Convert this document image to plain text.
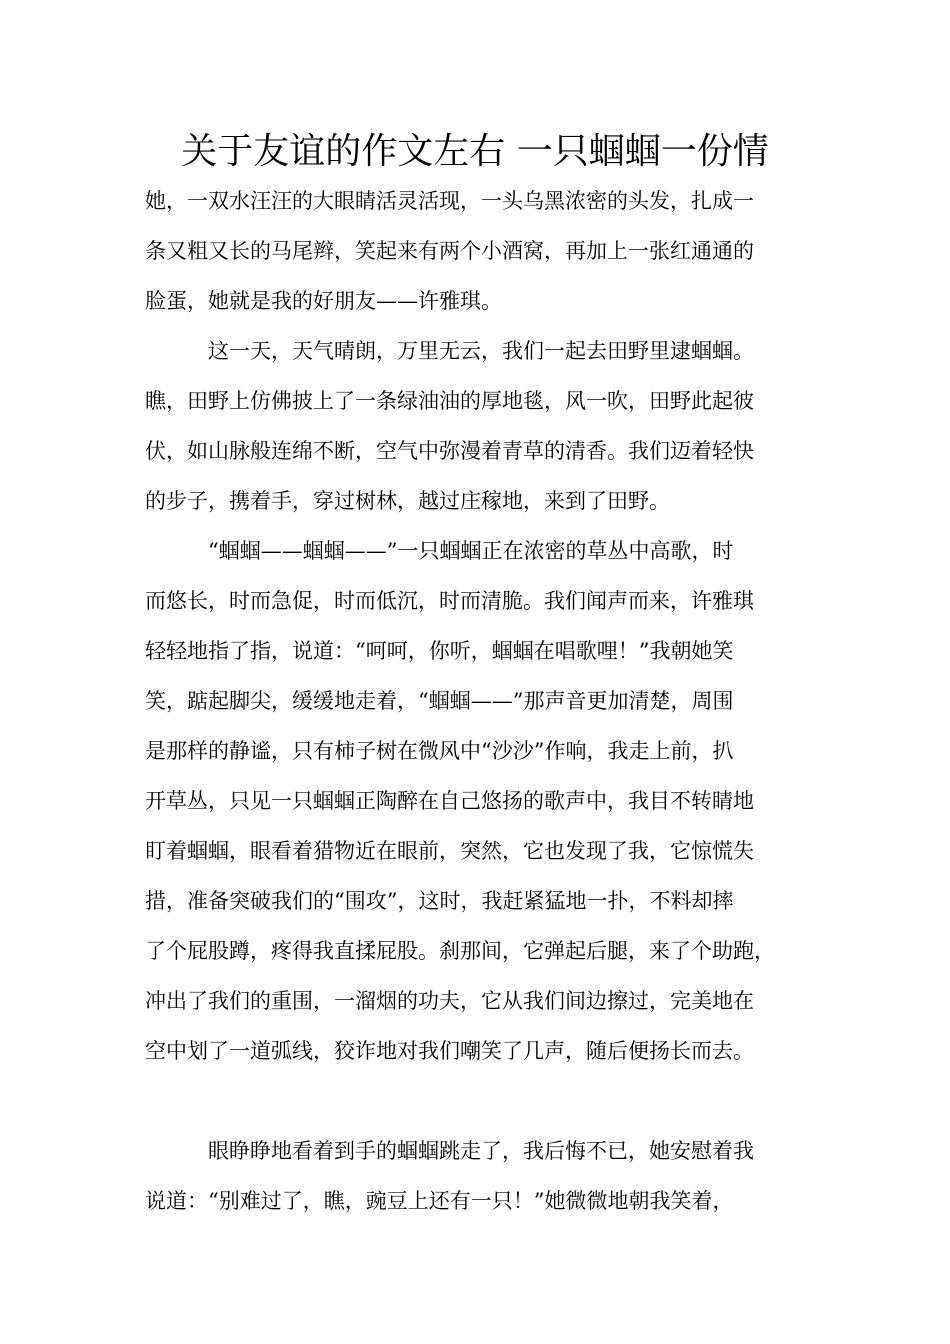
关于友谊的作文左右 一只蝈蝈一份情
她，一双水汪汪的大眼睛活灵活现，一头乌黑浓密的头发，扎成一
条又粗又长的马尾辫，笑起来有两个小酒窝，再加上一张红通通的
脸蛋，她就是我的好朋友——许雅琪。
　　　这一天，天气晴朗，万里无云，我们一起去田野里逮蝈蝈。
瞧，田野上仿佛披上了一条绿油油的厚地毯，风一吹，田野此起彼
伏，如山脉般连绵不断，空气中弥漫着青草的清香。我们迈着轻快
的步子，携着手，穿过树林，越过庄稼地，来到了田野。
　　　“蝈蝈——蝈蝈——”一只蝈蝈正在浓密的草丛中高歌，时
而悠长，时而急促，时而低沉，时而清脆。我们闻声而来，许雅琪
轻轻地指了指，说道：“呵呵，你听，蝈蝈在唱歌哩！”我朝她笑
笑，踮起脚尖，缓缓地走着，“蝈蝈——”那声音更加清楚，周围
是那样的静谧，只有柿子树在微风中“沙沙”作响，我走上前，扒
开草丛，只见一只蝈蝈正陶醉在自己悠扬的歌声中，我目不转睛地
盯着蝈蝈，眼看着猎物近在眼前，突然，它也发现了我，它惊慌失
措，准备突破我们的“围攻”，这时，我赶紧猛地一扑，不料却摔
了个屁股蹲，疼得我直揉屁股。刹那间，它弹起后腿，来了个助跑，
冲出了我们的重围，一溜烟的功夫，它从我们间边擦过，完美地在
空中划了一道弧线，狡诈地对我们嘲笑了几声，随后便扬长而去。
　　　眼睁睁地看着到手的蝈蝈跳走了，我后悔不已，她安慰着我
说道：“别难过了，瞧，豌豆上还有一只！”她微微地朝我笑着，
